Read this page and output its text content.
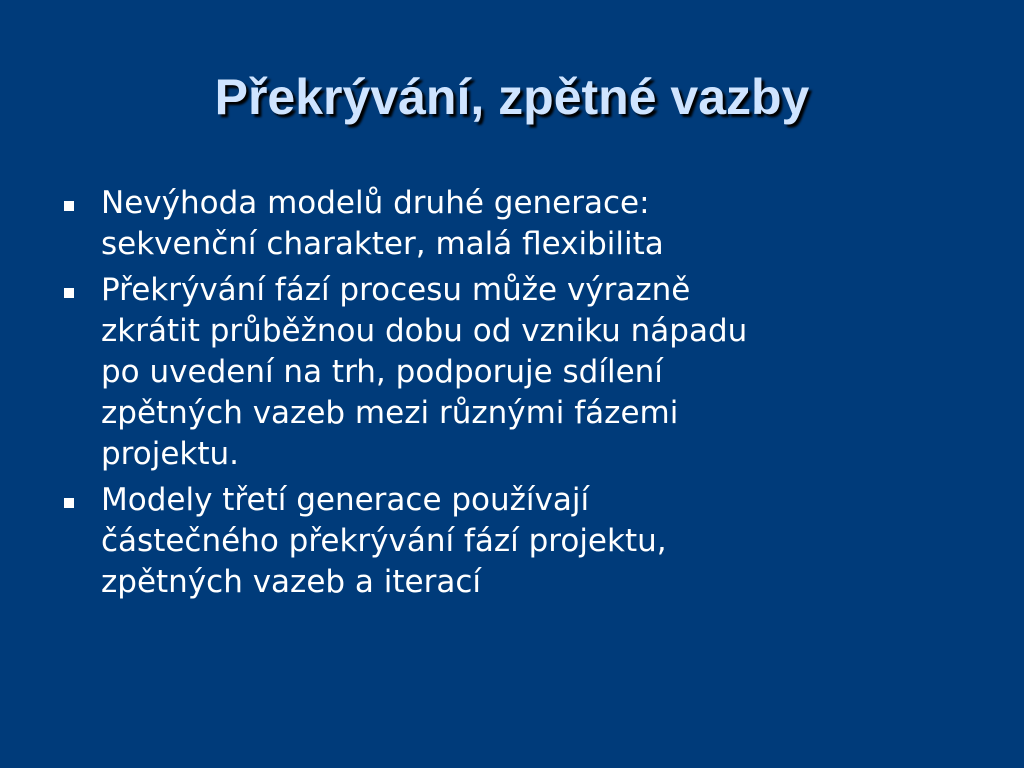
Překrývání, zpětné vazby
Nevýhoda modelů druhé generace:
sekvenční charakter, malá flexibilita
Překrývání fází procesu může výrazně
zkrátit průběžnou dobu od vzniku nápadu
po uvedení na trh, podporuje sdílení
zpětných vazeb mezi různými fázemi
projektu.
Modely třetí generace používají
částečného překrývání fází projektu,
zpětných vazeb a iterací
